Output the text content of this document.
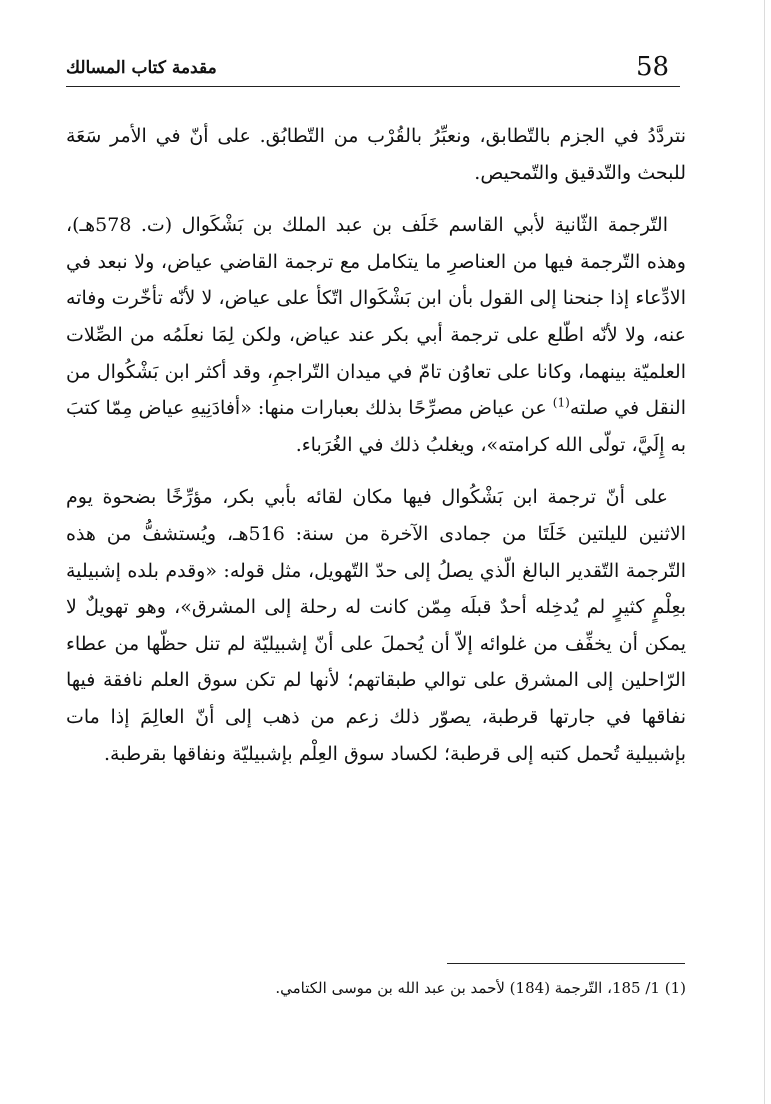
58
مقدمة كتاب المسالك

نتردَّدُ في الجزم بالتّطابق، ونعبِّرُ بالقُرْب من التّطابُق. على أنّ في الأمر سَعَة للبحث والتّدقيق والتّمحيص.

التّرجمة الثّانية لأبي القاسم خَلَف بن عبد الملك بن بَشْكَوال (ت. 578هـ)، وهذه التّرجمة فيها من العناصرِ ما يتكامل مع ترجمة القاضي عياض، ولا نبعد في الادِّعاء إذا جنحنا إلى القول بأن ابن بَشْكَوال اتّكأ على عياض، لا لأنّه تأخّرت وفاته عنه، ولا لأنّه اطّلع على ترجمة أبي بكر عند عياض، ولكن لِمَا نعلَمُه من الصِّلات العلميّة بينهما، وكانا على تعاوُن تامّ في ميدان التّراجمِ، وقد أكثر ابن بَشْكُوال من النقل في صلته$^{(1)}$ عن عياض مصرِّحًا بذلك بعبارات منها: «أفادَنِيهِ عياض مِمّا كتبَ به إِلَيَّ، تولّى الله كرامته»، ويغلبُ ذلك في الغُرَباء.

على أنّ ترجمة ابن بَشْكُوال فيها مكان لقائه بأبي بكر، مؤرِّخًا بضحوة يوم الاثنين لليلتين خَلَتَا من جمادى الآخرة من سنة: 516هـ، ويُستشفُّ من هذه التّرجمة التّقدير البالغ الّذي يصلُ إلى حدّ التّهويل، مثل قوله: «وقدم بلده إشبيلية بعِلْمٍ كثيرٍ لم يُدخِله أحدٌ قبلَه مِمّن كانت له رحلة إلى المشرق»، وهو تهويلٌ لا يمكن أن يخفِّف من غلوائه إلاّ أن يُحملَ على أنّ إشبيليّة لم تنل حظّها من عطاء الرّاحلين إلى المشرق على توالي طبقاتهم؛ لأنها لم تكن سوق العلم نافقة فيها نفاقها في جارتها قرطبة، يصوّر ذلك زعم من ذهب إلى أنّ العالِمَ إذا مات بإشبيلية تُحمل كتبه إلى قرطبة؛ لكساد سوق العِلْم بإشبيليّة ونفاقها بقرطبة.

(1) 1/ 185، التّرجمة (184) لأحمد بن عبد الله بن موسى الكتامي.
